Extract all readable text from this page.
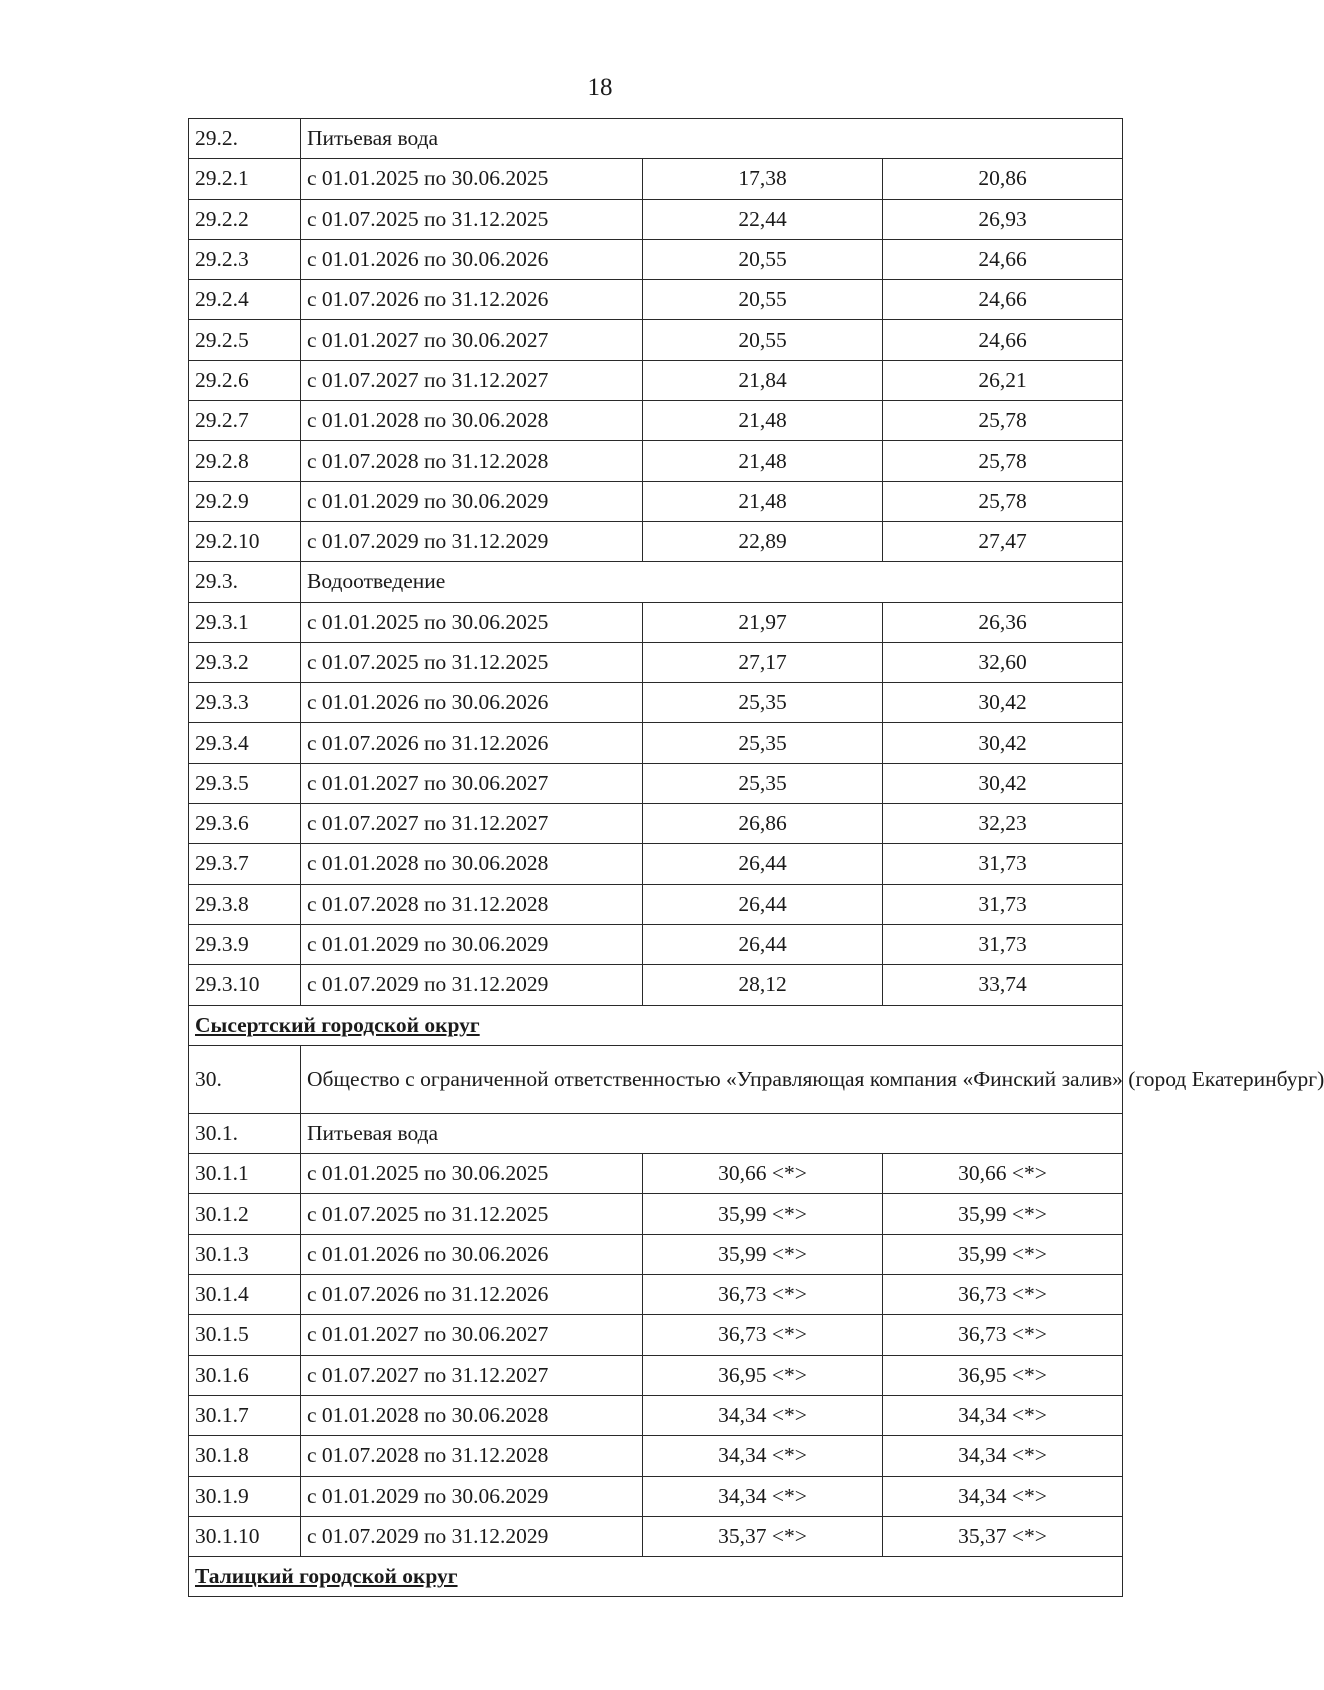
18
29.2.	Питьевая вода		
29.2.1	с 01.01.2025 по 30.06.2025	17,38	20,86
29.2.2	с 01.07.2025 по 31.12.2025	22,44	26,93
29.2.3	с 01.01.2026 по 30.06.2026	20,55	24,66
29.2.4	с 01.07.2026 по 31.12.2026	20,55	24,66
29.2.5	с 01.01.2027 по 30.06.2027	20,55	24,66
29.2.6	с 01.07.2027 по 31.12.2027	21,84	26,21
29.2.7	с 01.01.2028 по 30.06.2028	21,48	25,78
29.2.8	с 01.07.2028 по 31.12.2028	21,48	25,78
29.2.9	с 01.01.2029 по 30.06.2029	21,48	25,78
29.2.10	с 01.07.2029 по 31.12.2029	22,89	27,47
29.3.	Водоотведение		
29.3.1	с 01.01.2025 по 30.06.2025	21,97	26,36
29.3.2	с 01.07.2025 по 31.12.2025	27,17	32,60
29.3.3	с 01.01.2026 по 30.06.2026	25,35	30,42
29.3.4	с 01.07.2026 по 31.12.2026	25,35	30,42
29.3.5	с 01.01.2027 по 30.06.2027	25,35	30,42
29.3.6	с 01.07.2027 по 31.12.2027	26,86	32,23
29.3.7	с 01.01.2028 по 30.06.2028	26,44	31,73
29.3.8	с 01.07.2028 по 31.12.2028	26,44	31,73
29.3.9	с 01.01.2029 по 30.06.2029	26,44	31,73
29.3.10	с 01.07.2029 по 31.12.2029	28,12	33,74
Сысертский городской округ			
30.	Общество с ограниченной ответственностью «Управляющая компания «Финский залив» (город Екатеринбург)		
30.1.	Питьевая вода		
30.1.1	с 01.01.2025 по 30.06.2025	30,66 <*>	30,66 <*>
30.1.2	с 01.07.2025 по 31.12.2025	35,99 <*>	35,99 <*>
30.1.3	с 01.01.2026 по 30.06.2026	35,99 <*>	35,99 <*>
30.1.4	с 01.07.2026 по 31.12.2026	36,73 <*>	36,73 <*>
30.1.5	с 01.01.2027 по 30.06.2027	36,73 <*>	36,73 <*>
30.1.6	с 01.07.2027 по 31.12.2027	36,95 <*>	36,95 <*>
30.1.7	с 01.01.2028 по 30.06.2028	34,34 <*>	34,34 <*>
30.1.8	с 01.07.2028 по 31.12.2028	34,34 <*>	34,34 <*>
30.1.9	с 01.01.2029 по 30.06.2029	34,34 <*>	34,34 <*>
30.1.10	с 01.07.2029 по 31.12.2029	35,37 <*>	35,37 <*>
Талицкий городской округ			
